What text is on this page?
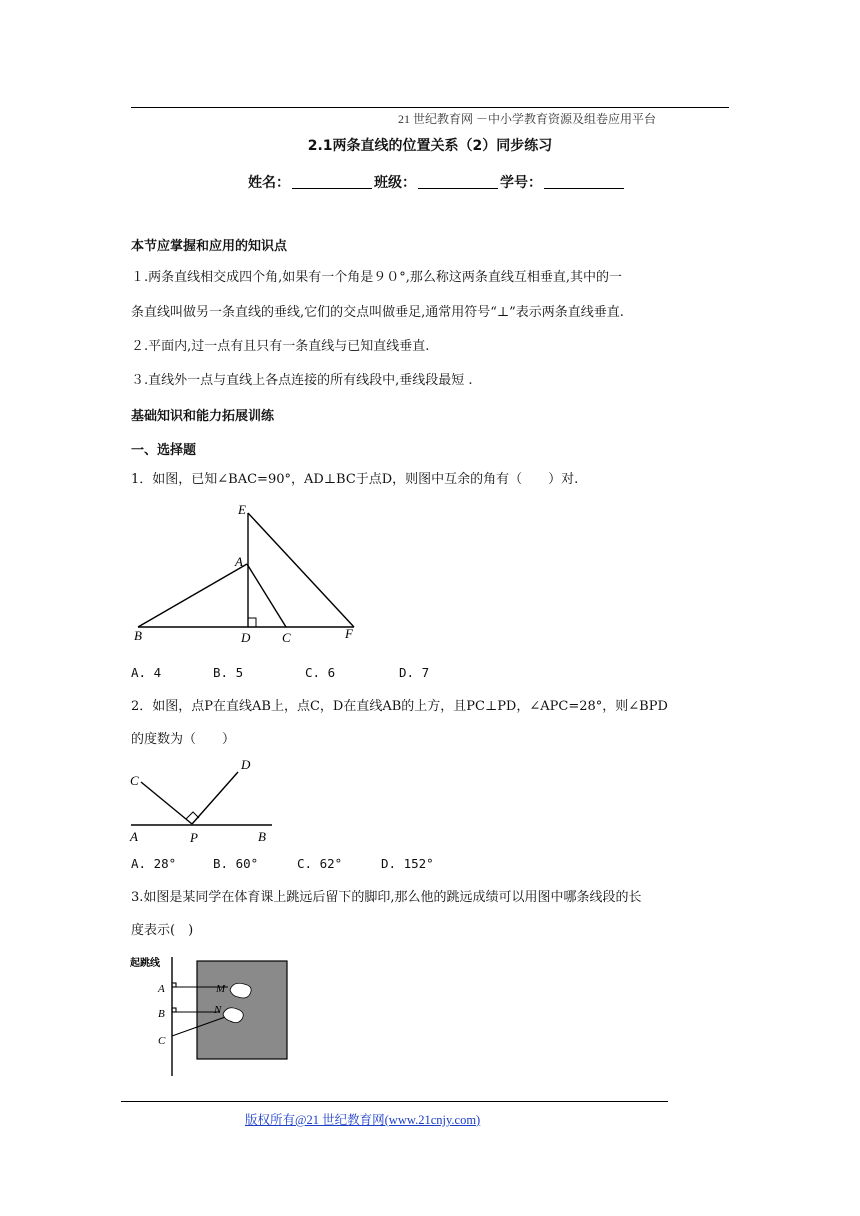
21 世纪教育网 －中小学教育资源及组卷应用平台
2.1两条直线的位置关系（2）同步练习
姓名：	班级：	学号：
本节应掌握和应用的知识点
１.两条直线相交成四个角,如果有一个角是９０°,那么称这两条直线互相垂直,其中的一
条直线叫做另一条直线的垂线,它们的交点叫做垂足,通常用符号“⊥”表示两条直线垂直.
２.平面内,过一点有且只有一条直线与已知直线垂直.
３.直线外一点与直线上各点连接的所有线段中,垂线段最短 .
基础知识和能力拓展训练
一、选择题
1．如图，已知∠BAC=90°，AD⊥BC于点D，则图中互余的角有（　　）对.
E
A
B	D C	F
A. 4	B. 5	C. 6	D. 7
2．如图，点P在直线AB上，点C，D在直线AB的上方，且PC⊥PD，∠APC=28°，则∠BPD
的度数为（　　）
C
D
A	P	B
A. 28°	B. 60°	C. 62°	D. 152°
3.如图是某同学在体育课上跳远后留下的脚印,那么他的跳远成绩可以用图中哪条线段的长
度表示(　)
起跳线
A
B
C
M
N
版权所有@21 世纪教育网(www.21cnjy.com)
